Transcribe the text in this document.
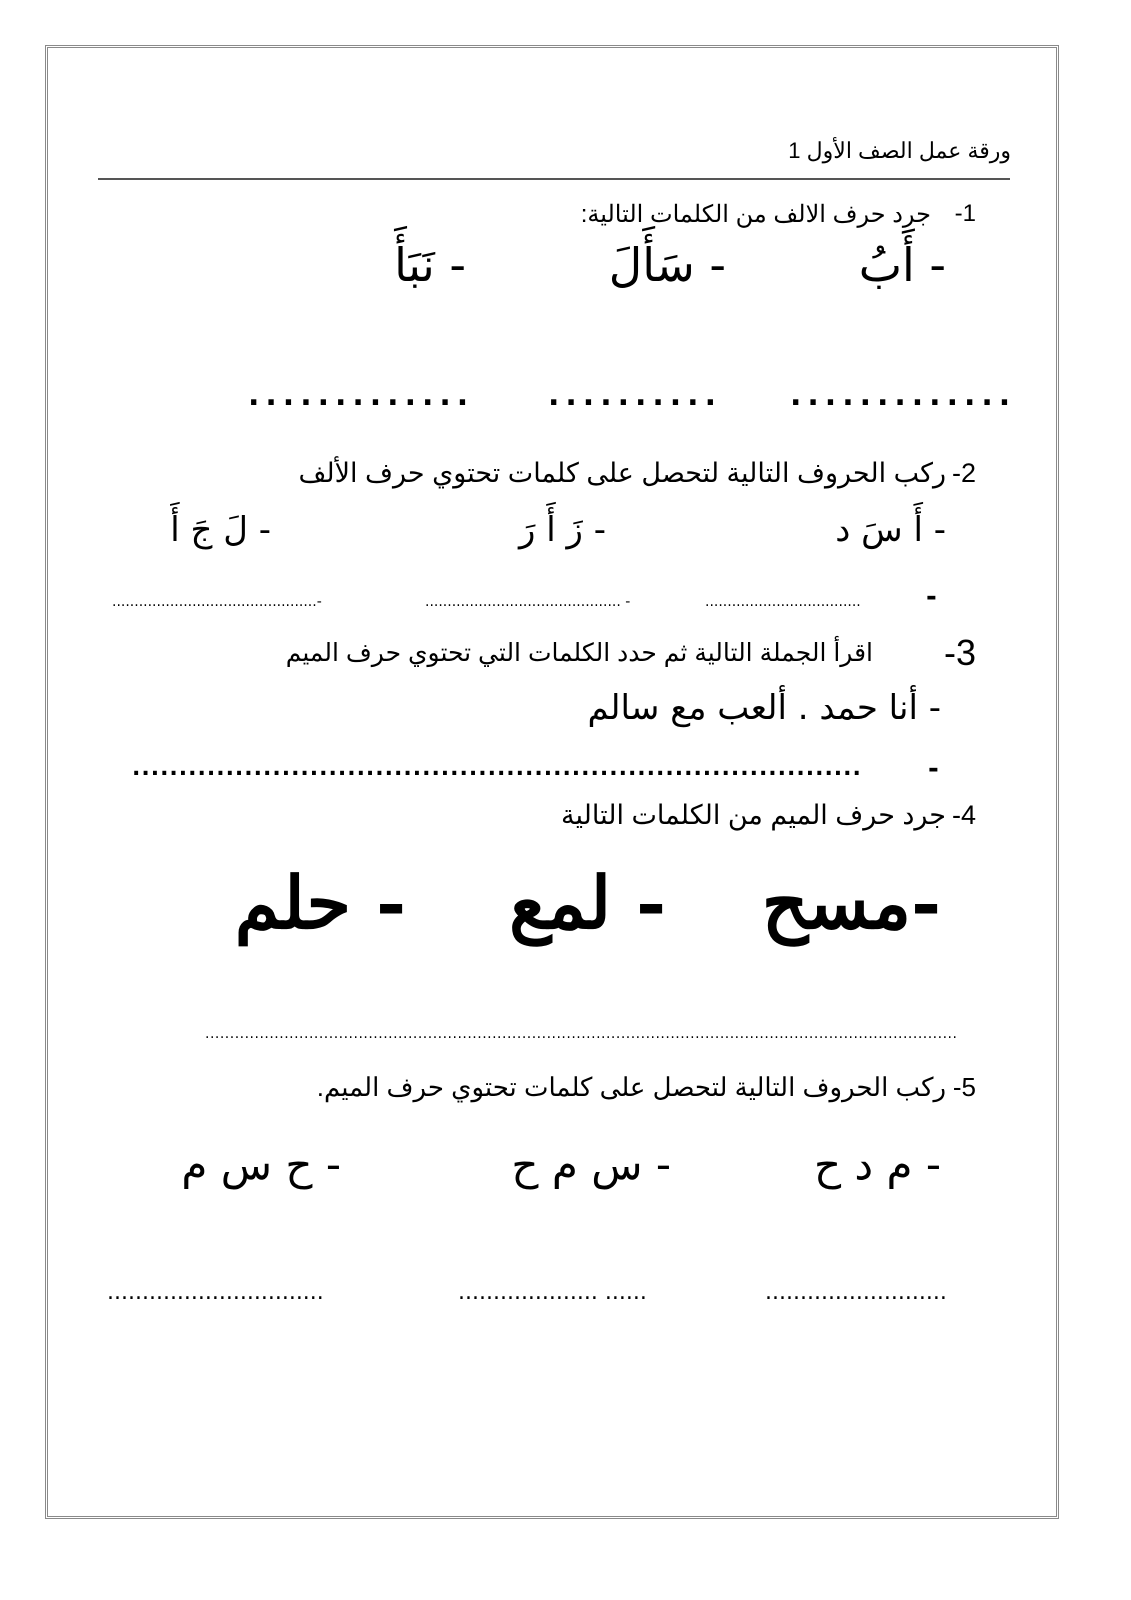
ورقة عمل الصف الأول 1
1-
جرد حرف الالف من الكلمات التالية:
- أَبُ
- سَأَلَ
- نَبَأَ
.............
..........
.............
2-
ركب الحروف التالية لتحصل على كلمات تحتوي حرف الألف
- أَ سَ د
- زَ أَ رَ
- لَ جَ أَ
-
...................................
............................................ -
..............................................-
3-
اقرأ الجملة التالية ثم حدد الكلمات التي تحتوي حرف الميم
- أنا حمد . ألعب مع سالم
-
..............................................................................
4-
جرد حرف الميم من الكلمات التالية
-مسح
- لمع
- حلم
........................................................................................................................................................
5-
ركب الحروف التالية لتحصل على كلمات تحتوي حرف الميم.
- م د ح
- س م ح
- ح س م
..........................
.................... ......
...............................
